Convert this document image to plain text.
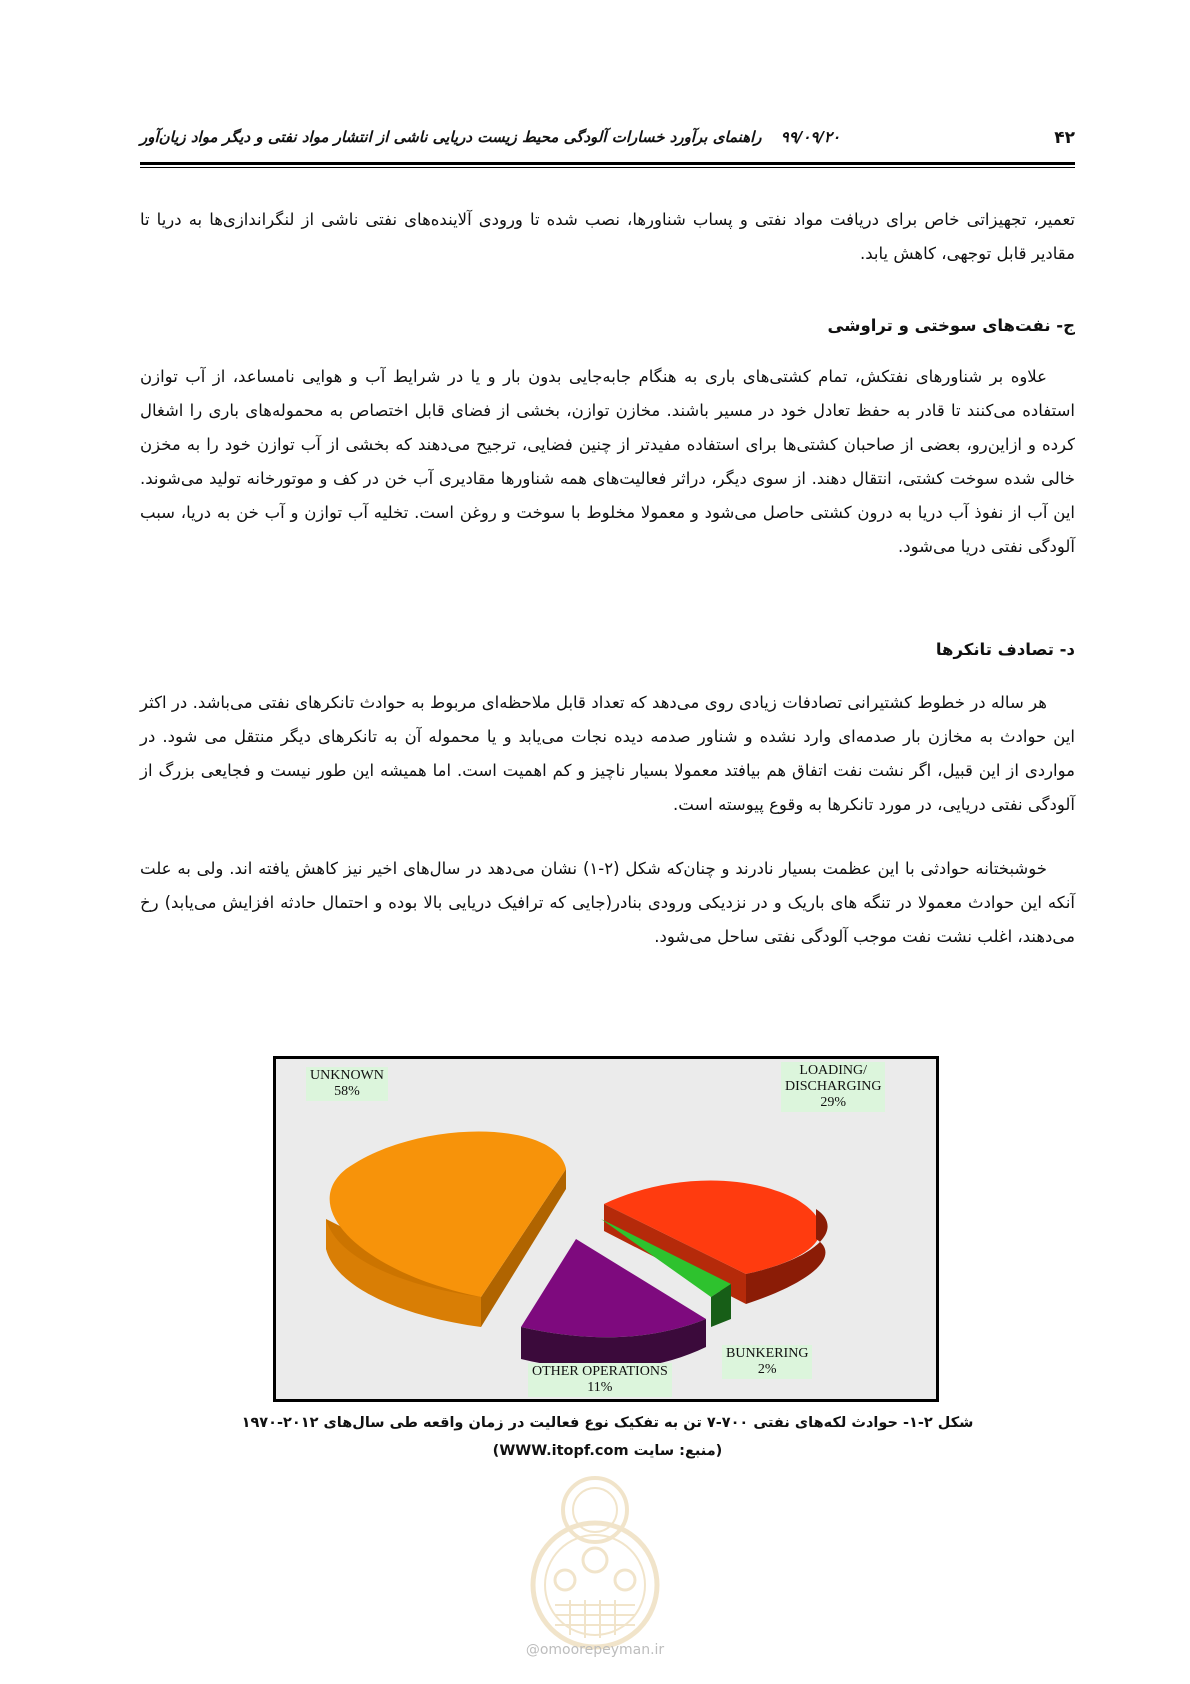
۴۲
۹۹/۰۹/۲۰ راهنمای برآورد خسارات آلودگی محیط زیست دریایی ناشی از انتشار مواد نفتی و دیگر مواد زیان‌آور

تعمیر، تجهیزاتی خاص برای دریافت مواد نفتی و پساب شناورها، نصب شده تا ورودی آلاینده‌های نفتی ناشی از لنگراندازی‌ها به دریا تا مقادیر قابل توجهی، کاهش یابد.

ج- نفت‌های سوختی و تراوشی

علاوه بر شناورهای نفتکش، تمام کشتی‌های باری به هنگام جابه‌جایی بدون بار و یا در شرایط آب و هوایی نامساعد، از آب توازن استفاده می‌کنند تا قادر به حفظ تعادل خود در مسیر باشند. مخازن توازن، بخشی از فضای قابل اختصاص به محموله‌های باری را اشغال کرده و ازاین‌رو، بعضی از صاحبان کشتی‌ها برای استفاده مفیدتر از چنین فضایی، ترجیح می‌دهند که بخشی از آب توازن خود را به مخزن خالی شده سوخت کشتی، انتقال دهند. از سوی دیگر، دراثر فعالیت‌های همه شناورها مقادیری آب خن در کف و موتورخانه تولید می‌شوند. این آب از نفوذ آب دریا به درون کشتی حاصل می‌شود و معمولا مخلوط با سوخت و روغن است. تخلیه آب توازن و آب خن به دریا، سبب آلودگی نفتی دریا می‌شود.

د- تصادف تانکرها

هر ساله در خطوط کشتیرانی تصادفات زیادی روی می‌دهد که تعداد قابل ملاحظه‌ای مربوط به حوادث تانکرهای نفتی می‌باشد. در اکثر این حوادث به مخازن بار صدمه‌ای وارد نشده و شناور صدمه دیده نجات می‌یابد و یا محموله آن به تانکرهای دیگر منتقل می شود. در مواردی از این قبیل، اگر نشت نفت اتفاق هم بیافتد معمولا بسیار ناچیز و کم اهمیت است. اما همیشه این طور نیست و فجایعی بزرگ از آلودگی نفتی دریایی، در مورد تانکرها به وقوع پیوسته است.

خوشبختانه حوادثی با این عظمت بسیار نادرند و چنان‌که شکل (۲-۱) نشان می‌دهد در سال‌های اخیر نیز کاهش یافته اند. ولی به علت آنکه این حوادث معمولا در تنگه های باریک و در نزدیکی ورودی بنادر(جایی که ترافیک دریایی بالا بوده و احتمال حادثه افزایش می‌یابد) رخ می‌دهند، اغلب نشت نفت موجب آلودگی نفتی ساحل می‌شود.

UNKNOWN
58%
LOADING/
DISCHARGING
29%
BUNKERING
2%
OTHER OPERATIONS
11%
شکل ۲-۱- حوادث لکه‌های نفتی ۷۰۰-۷ تن به تفکیک نوع فعالیت در زمان واقعه طی سال‌های ۲۰۱۲-۱۹۷۰
(منبع: سایت WWW.itopf.com)
@omoorepeyman.ir
